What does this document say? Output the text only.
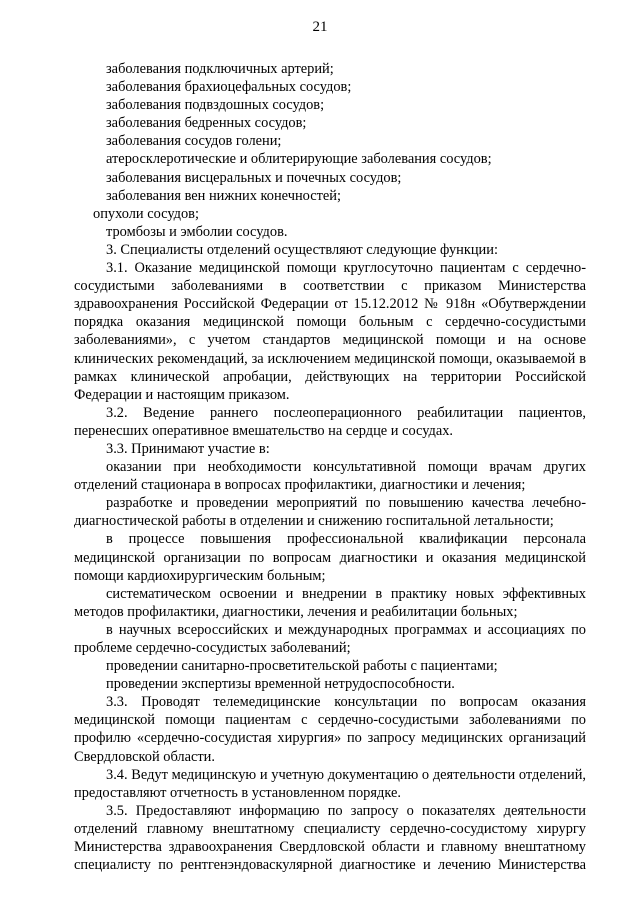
21

заболевания подключичных артерий;

заболевания брахиоцефальных сосудов;

заболевания подвздошных сосудов;

заболевания бедренных сосудов;

заболевания сосудов голени;

атеросклеротические и облитерирующие заболевания сосудов;

заболевания висцеральных и почечных сосудов;

заболевания вен нижних конечностей;

опухоли сосудов;

тромбозы и эмболии сосудов.

3. Специалисты отделений осуществляют следующие функции:

3.1. Оказание медицинской помощи круглосуточно пациентам с сердечно-сосудистыми заболеваниями в соответствии с приказом Министерства здравоохранения Российской Федерации от 15.12.2012 № 918н «Обутверждении порядка оказания медицинской помощи больным с сердечно-сосудистыми заболеваниями», с учетом стандартов медицинской помощи и на основе клинических рекомендаций, за исключением медицинской помощи, оказываемой в рамках клинической апробации, действующих на территории Российской Федерации и настоящим приказом.

3.2. Ведение раннего послеоперационного реабилитации пациентов, перенесших оперативное вмешательство на сердце и сосудах.

3.3. Принимают участие в:

оказании при необходимости консультативной помощи врачам других отделений стационара в вопросах профилактики, диагностики и лечения;

разработке и проведении мероприятий по повышению качества лечебно-диагностической работы в отделении и снижению госпитальной летальности;

в процессе повышения профессиональной квалификации персонала медицинской организации по вопросам диагностики и оказания медицинской помощи кардиохирургическим больным;

систематическом освоении и внедрении в практику новых эффективных методов профилактики, диагностики, лечения и реабилитации больных;

в научных всероссийских и международных программах и ассоциациях по проблеме сердечно-сосудистых заболеваний;

проведении санитарно-просветительской работы с пациентами;

проведении экспертизы временной нетрудоспособности.

3.3. Проводят телемедицинские консультации по вопросам оказания медицинской помощи пациентам с сердечно-сосудистыми заболеваниями по профилю «сердечно-сосудистая хирургия» по запросу медицинских организаций Свердловской области.

3.4. Ведут медицинскую и учетную документацию о деятельности отделений, предоставляют отчетность в установленном порядке.

3.5. Предоставляют информацию по запросу о показателях деятельности отделений главному внештатному специалисту сердечно-сосудистому хирургу Министерства здравоохранения Свердловской области и главному внештатному специалисту по рентгенэндоваскулярной диагностике и лечению Министерства
